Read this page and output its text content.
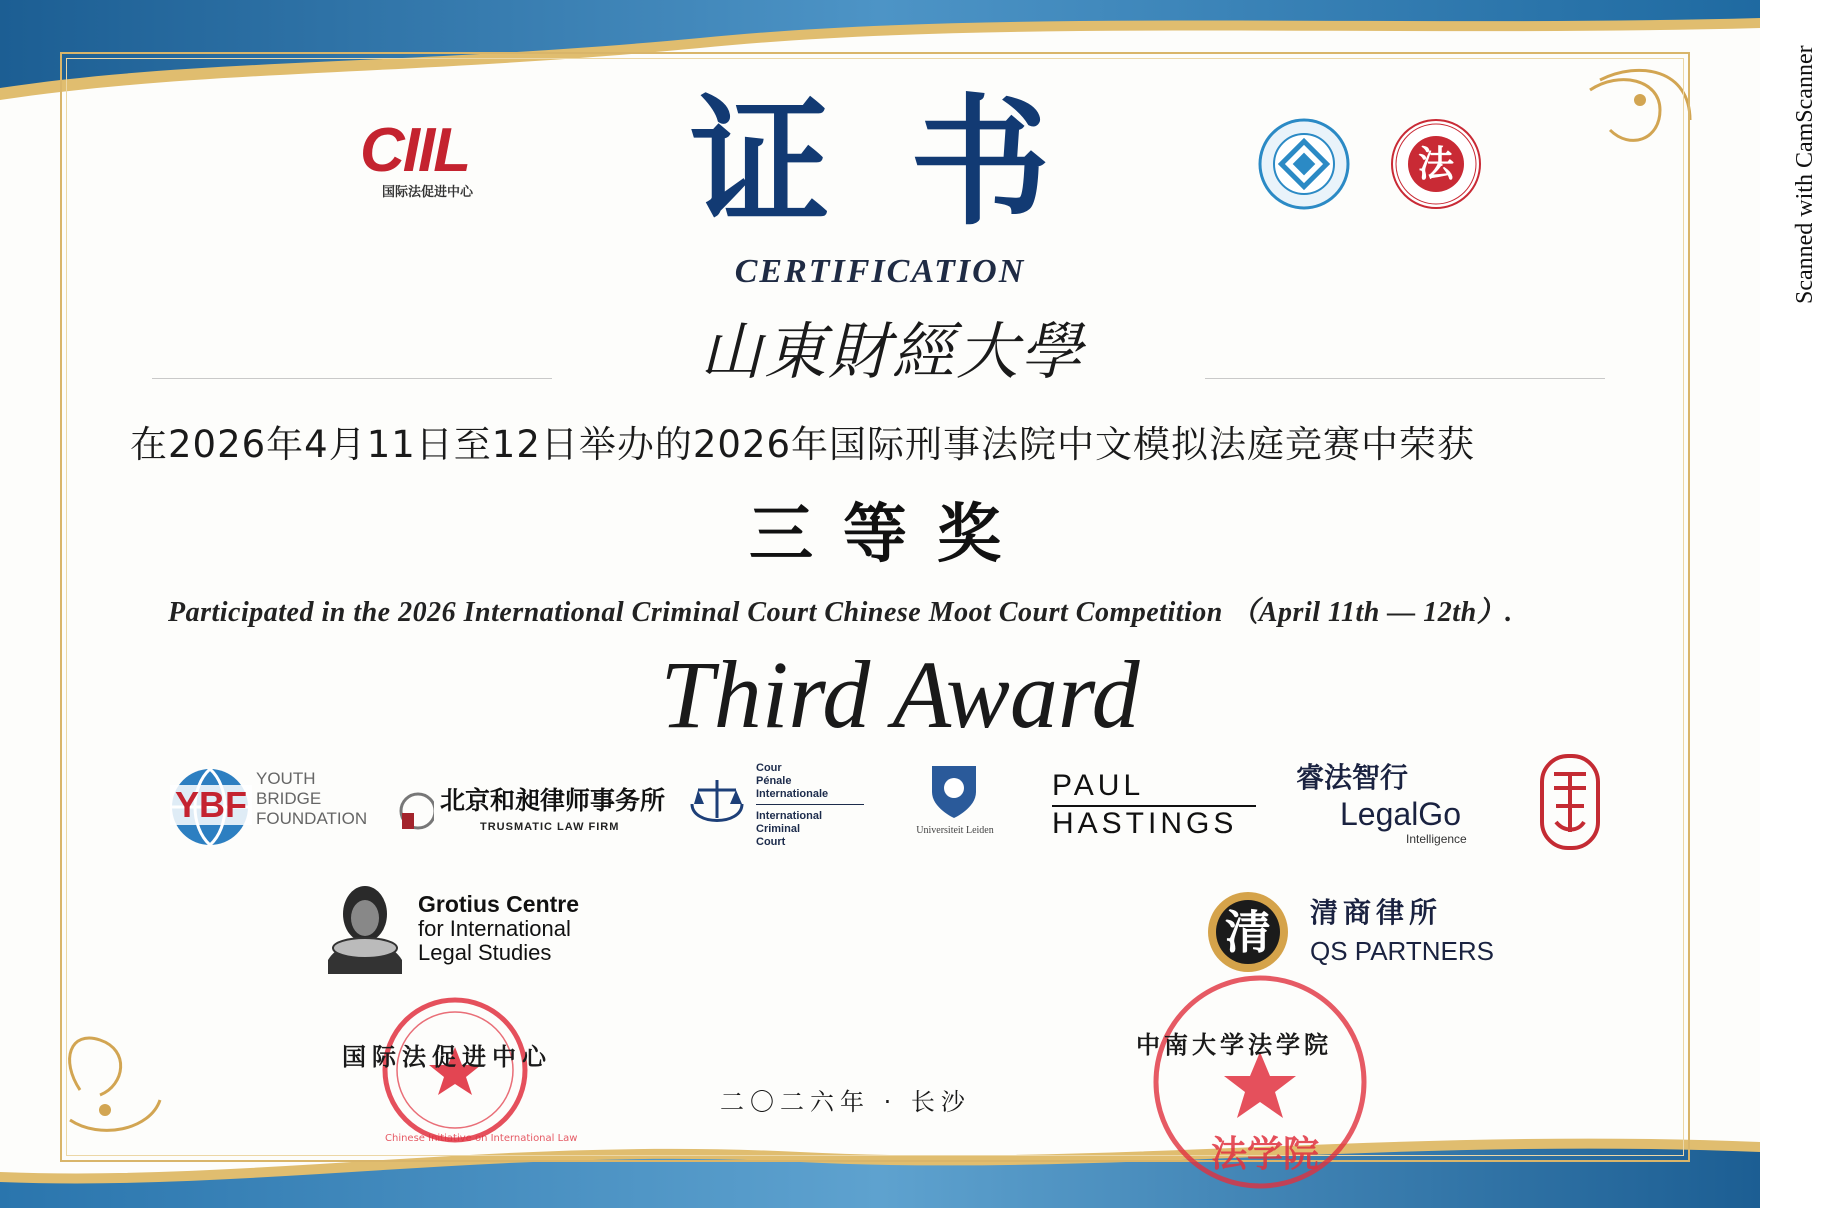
CIIL
国际法促进中心
法
证书
CERTIFICATION
山東財經大學
在2026年4月11日至12日举办的2026年国际刑事法院中文模拟法庭竞赛中荣获
三等奖
Participated in the 2026 International Criminal Court Chinese Moot Court Competition （April 11th — 12th）.
Third Award
YBF
YOUTH
BRIDGE
FOUNDATION
北京和昶律师事务所
TRUSMATIC LAW FIRM
Cour
Pénale
Internationale
International
Criminal
Court
Universiteit Leiden
PAUL
HASTINGS
睿法智行
LegalGo
Intelligence
Grotius Centre
for International
Legal Studies	清	清商律所
QS PARTNERS
国际法促进中心
Chinese Initiative on International Law
二〇二六年 · 长沙
中南大学法学院
法学院
Scanned with CamScanner
